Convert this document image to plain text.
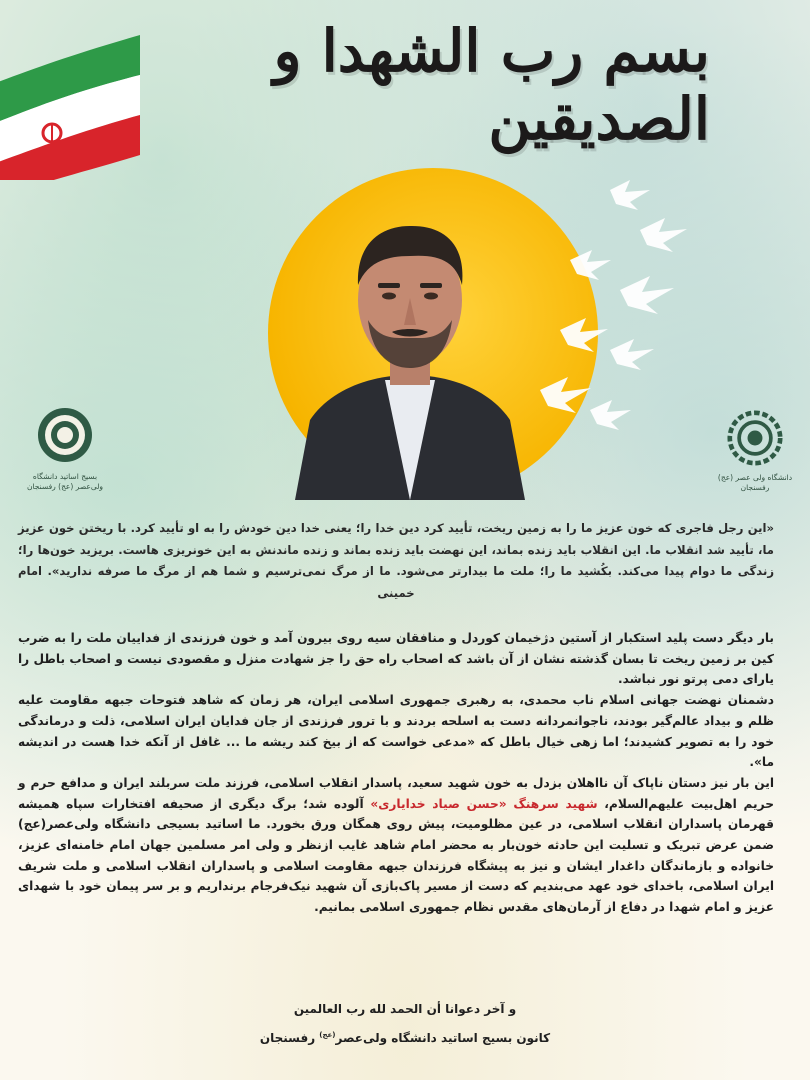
بسم رب الشهدا و الصدیقین
بسیج اساتید دانشگاه
ولی‌عصر (عج) رفسنجان
دانشگاه ولی عصر (عج) رفسنجان
«این رجل فاجری که خون عزیز ما را به زمین ریخت، تأیید کرد دین خدا را؛ یعنی خدا دین خودش را به او تأیید کرد. با ریختن خون عزیز ما، تأیید شد انقلاب ما. این انقلاب باید زنده بماند، این نهضت باید زنده بماند و زنده ماندنش به این خونریزی هاست. بریزید خون‌ها را؛ زندگی ما دوام پیدا می‌کند. بکُشید ما را؛ ملت ما بیدارتر می‌شود. ما از مرگ نمی‌ترسیم و شما هم از مرگ ما صرفه ندارید». امام خمینی

بار دیگر دست پلید استکبار از آستین دژخیمان کوردل و منافقان سیه روی بیرون آمد و خون فرزندی از فداییان ملت را به ضرب کین بر زمین ریخت تا بسان گذشته نشان از آن باشد که اصحاب راه حق را جز شهادت منزل و مقصودی نیست و اصحاب باطل را یارای دمی پرتو نور نباشد.

دشمنان نهضت جهانی اسلام ناب محمدی، به رهبری جمهوری اسلامی ایران، هر زمان که شاهد فتوحات جبهه مقاومت علیه ظلم و بیداد عالم‌گیر بودند، ناجوانمردانه دست به اسلحه بردند و با ترور فرزندی از جان فدایان ایران اسلامی، ذلت و درماندگی خود را به تصویر کشیدند؛ اما زهی خیال باطل که «مدعی خواست که از بیخ کند ریشه ما ... غافل از آنکه خدا هست در اندیشه ما».

این بار نیز دستان ناپاک آن نااهلان بزدل به خون شهید سعید، پاسدار انقلاب اسلامی، فرزند ملت سربلند ایران و مدافع حرم و حریم اهل‌بیت علیهم‌السلام، شهید سرهنگ «حسن صیاد خدایاری» آلوده شد؛ برگ دیگری از صحیفه افتخارات سپاه همیشه قهرمان پاسداران انقلاب اسلامی، در عین مظلومیت، پیش روی همگان ورق بخورد. ما اساتید بسیجی دانشگاه ولی‌عصر(عج) ضمن عرض تبریک و تسلیت این حادثه خون‌بار به محضر امام شاهد غایب ازنظر و ولی امر مسلمین جهان امام خامنه‌ای عزیز، خانواده و بازماندگان داغدار ایشان و نیز به پیشگاه فرزندان جبهه مقاومت اسلامی و پاسداران انقلاب اسلامی و ملت شریف ایران اسلامی، باخدای خود عهد می‌بندیم که دست از مسیر پاک‌بازی آن شهید نیک‌فرجام برنداریم و بر سر پیمان خود با شهدای عزیز و امام شهدا در دفاع از آرمان‌های مقدس نظام جمهوری اسلامی بمانیم.

و آخر دعوانا أن الحمد لله رب العالمین
کانون بسیج اساتید دانشگاه ولی‌عصر$^{(عج)}$ رفسنجان
